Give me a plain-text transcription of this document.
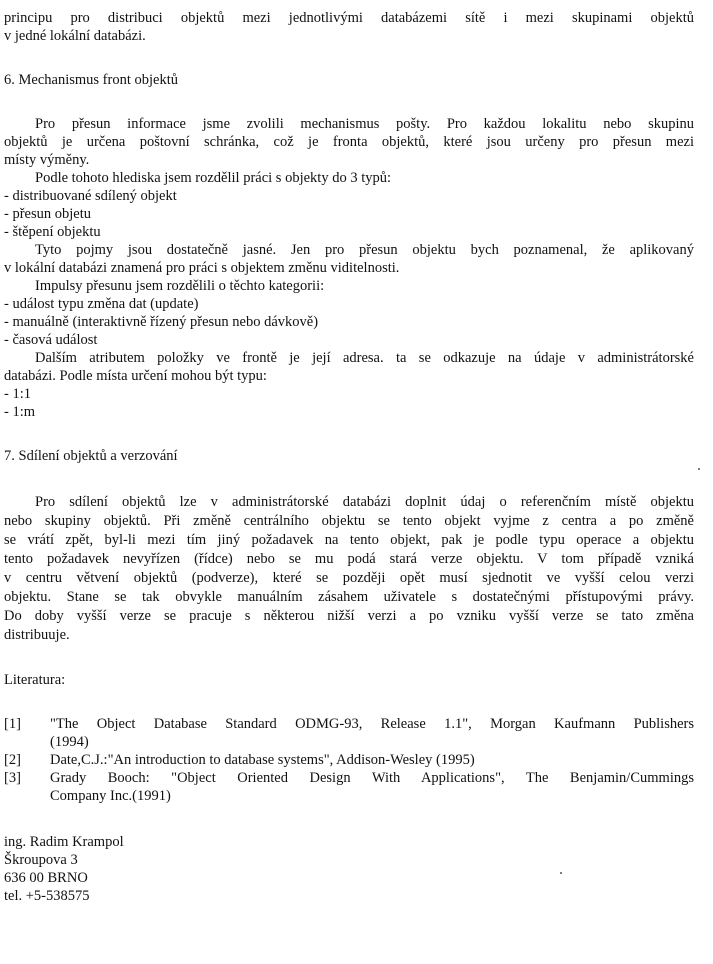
principu pro distribuci objektů mezi jednotlivými databázemi sítě i mezi skupinami objektů
v jedné lokální databázi.
6. Mechanismus front objektů
Pro přesun informace jsme zvolili mechanismus pošty. Pro každou lokalitu nebo skupinu
objektů je určena poštovní schránka, což je fronta objektů, které jsou určeny pro přesun mezi
místy výměny.
Podle tohoto hlediska jsem rozdělil práci s objekty do 3 typů:
- distribuované sdílený objekt
- přesun objetu
- štěpení objektu
Tyto pojmy jsou dostatečně jasné. Jen pro přesun objektu bych poznamenal, že aplikovaný
v lokální databázi znamená pro práci s objektem změnu viditelnosti.
Impulsy přesunu jsem rozdělili o těchto kategorii:
- událost typu změna dat (update)
- manuálně (interaktivně řízený přesun nebo dávkově)
- časová událost
Dalším atributem položky ve frontě je její adresa. ta se odkazuje na údaje v administrátorské
databázi. Podle místa určení mohou být typu:
- 1:1
- 1:m
7. Sdílení objektů a verzování
Pro sdílení objektů lze v administrátorské databázi doplnit údaj o referenčním místě objektu
nebo skupiny objektů. Při změně centrálního objektu se tento objekt vyjme z centra a po změně
se vrátí zpět, byl-li mezi tím jiný požadavek na tento objekt, pak je podle typu operace a objektu
tento požadavek nevyřízen (řídce) nebo se mu podá stará verze objektu. V tom případě vzniká
v centru větvení objektů (podverze), které se později opět musí sjednotit ve vyšší celou verzi
objektu. Stane se tak obvykle manuálním zásahem uživatele s dostatečnými přístupovými právy.
Do doby vyšší verze se pracuje s některou nižší verzi a po vzniku vyšší verze se tato změna
distribuuje.
Literatura:
[1] "The Object Database Standard ODMG-93, Release 1.1", Morgan Kaufmann Publishers
(1994)
[2] Date,C.J.:"An introduction to database systems", Addison-Wesley (1995)
[3] Grady Booch: "Object Oriented Design With Applications", The Benjamin/Cummings
Company Inc.(1991)
ing. Radim Krampol
Škroupova 3
636 00 BRNO
tel. +5-538575
